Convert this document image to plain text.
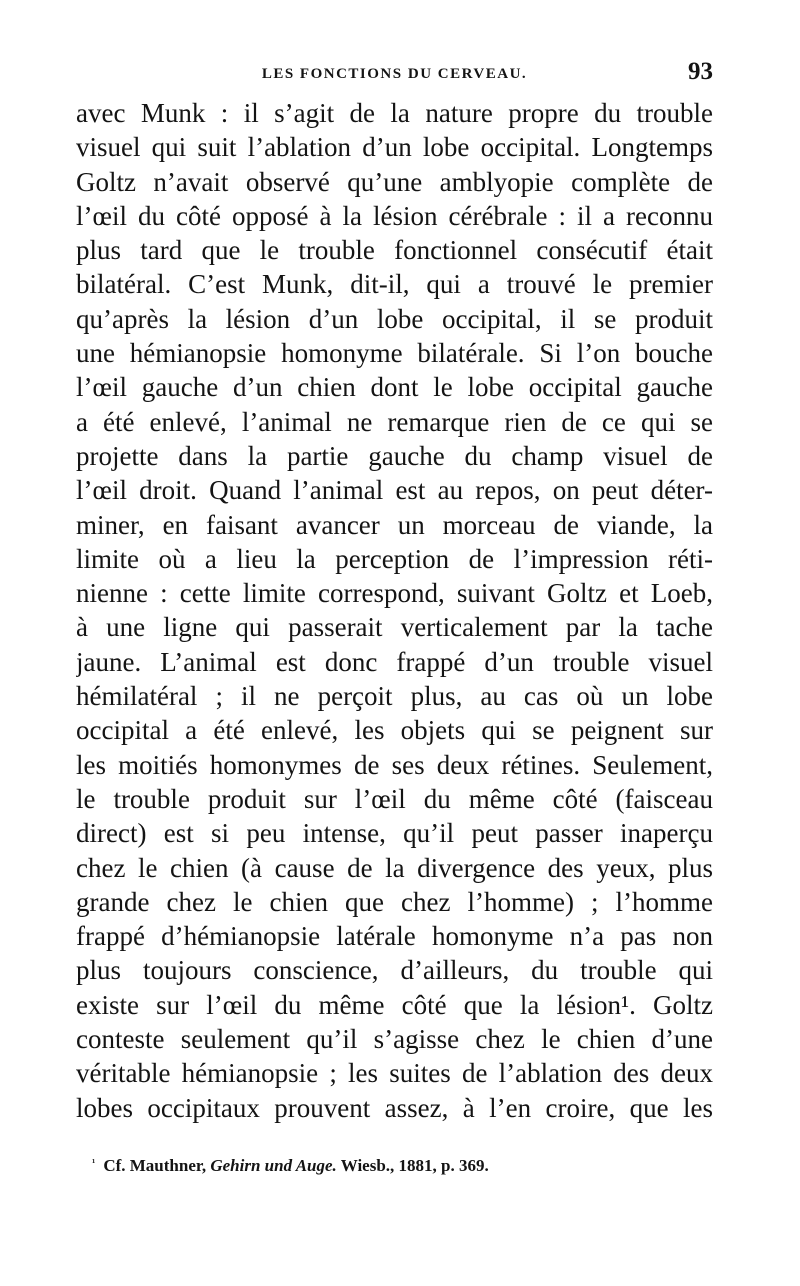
LES FONCTIONS DU CERVEAU.	93
avec Munk : il s’agit de la nature propre du trouble
visuel qui suit l’ablation d’un lobe occipital. Longtemps
Goltz n’avait observé qu’une amblyopie complète de
l’œil du côté opposé à la lésion cérébrale : il a reconnu
plus tard que le trouble fonctionnel consécutif était
bilatéral. C’est Munk, dit-il, qui a trouvé le premier
qu’après la lésion d’un lobe occipital, il se produit
une hémianopsie homonyme bilatérale. Si l’on bouche
l’œil gauche d’un chien dont le lobe occipital gauche
a été enlevé, l’animal ne remarque rien de ce qui se
projette dans la partie gauche du champ visuel de
l’œil droit. Quand l’animal est au repos, on peut déter-
miner, en faisant avancer un morceau de viande, la
limite où a lieu la perception de l’impression réti-
nienne : cette limite correspond, suivant Goltz et Loeb,
à une ligne qui passerait verticalement par la tache
jaune. L’animal est donc frappé d’un trouble visuel
hémilatéral ; il ne perçoit plus, au cas où un lobe
occipital a été enlevé, les objets qui se peignent sur
les moitiés homonymes de ses deux rétines. Seulement,
le trouble produit sur l’œil du même côté (faisceau
direct) est si peu intense, qu’il peut passer inaperçu
chez le chien (à cause de la divergence des yeux, plus
grande chez le chien que chez l’homme) ; l’homme
frappé d’hémianopsie latérale homonyme n’a pas non
plus toujours conscience, d’ailleurs, du trouble qui
existe sur l’œil du même côté que la lésion¹. Goltz
conteste seulement qu’il s’agisse chez le chien d’une
véritable hémianopsie ; les suites de l’ablation des deux
lobes occipitaux prouvent assez, à l’en croire, que les
$^{^1}$ Cf. Mauthner, Gehirn und Auge. Wiesb., 1881, p. 369.
